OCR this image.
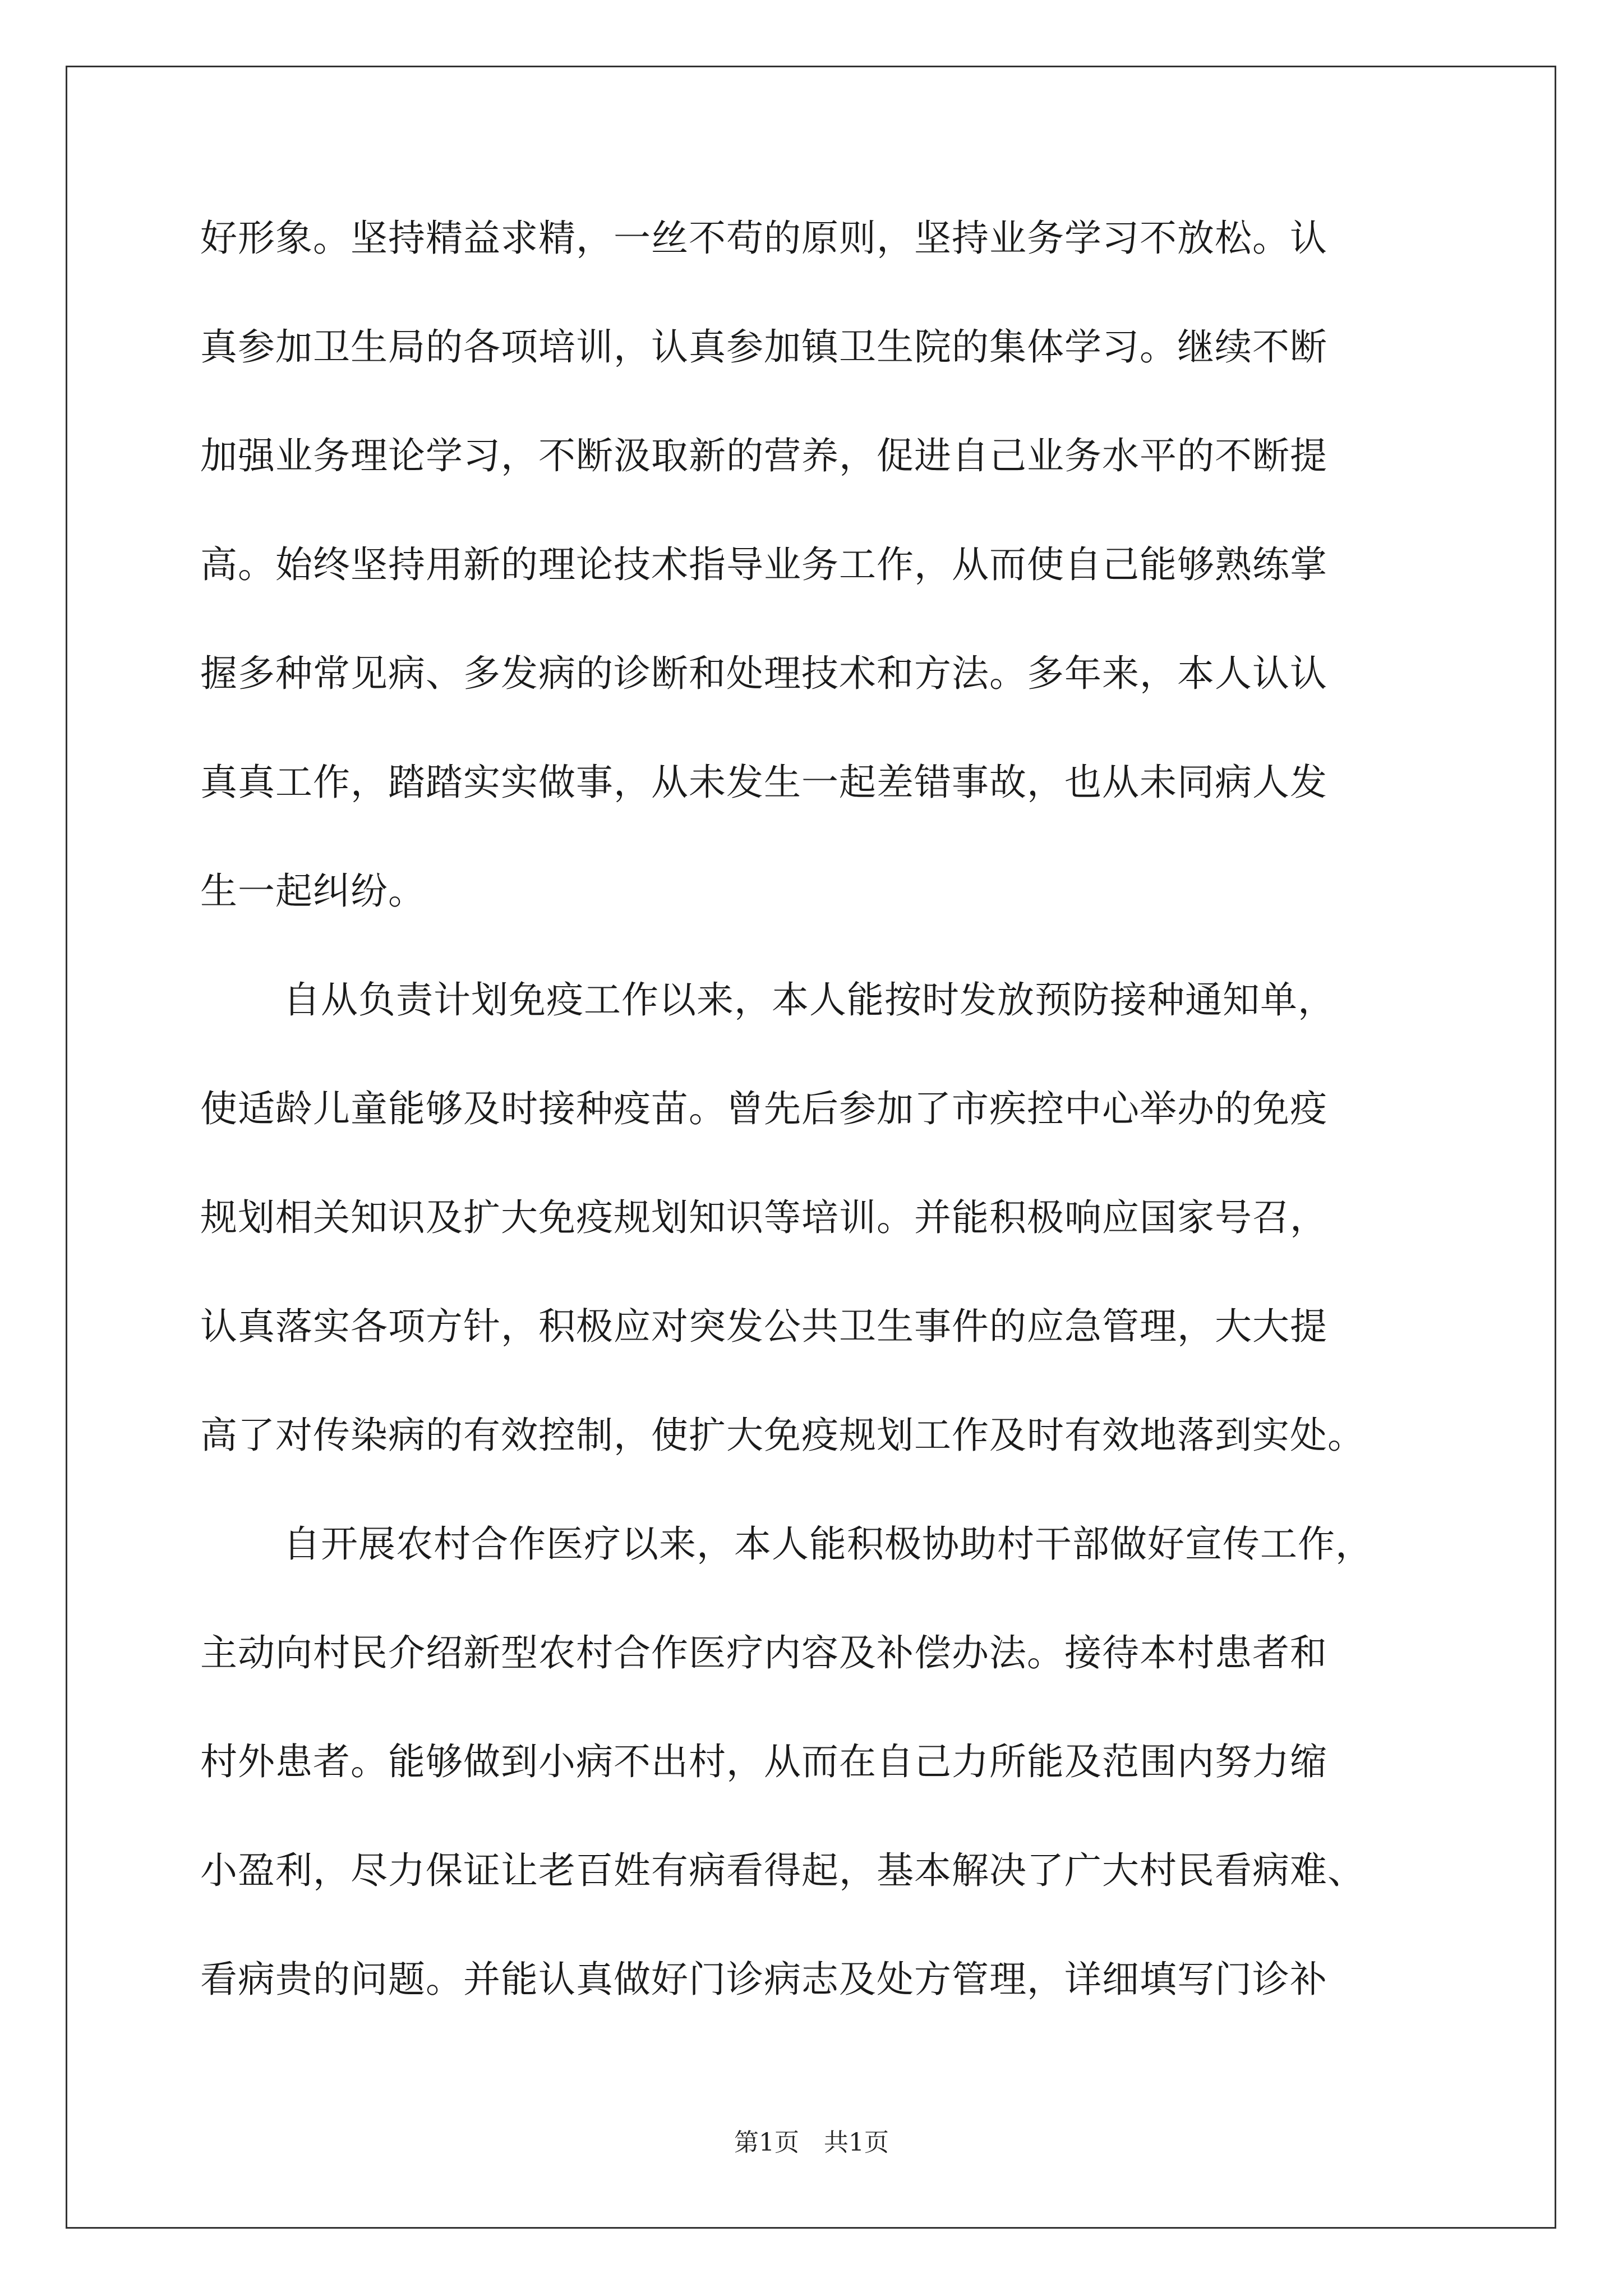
好形象。坚持精益求精，一丝不苟的原则，坚持业务学习不放松。认
真参加卫生局的各项培训，认真参加镇卫生院的集体学习。继续不断
加强业务理论学习，不断汲取新的营养，促进自己业务水平的不断提
高。始终坚持用新的理论技术指导业务工作，从而使自己能够熟练掌
握多种常见病、多发病的诊断和处理技术和方法。多年来，本人认认
真真工作，踏踏实实做事，从未发生一起差错事故，也从未同病人发
生一起纠纷。
自从负责计划免疫工作以来，本人能按时发放预防接种通知单，
使适龄儿童能够及时接种疫苗。曾先后参加了市疾控中心举办的免疫
规划相关知识及扩大免疫规划知识等培训。并能积极响应国家号召，
认真落实各项方针，积极应对突发公共卫生事件的应急管理，大大提
高了对传染病的有效控制，使扩大免疫规划工作及时有效地落到实处。
自开展农村合作医疗以来，本人能积极协助村干部做好宣传工作，
主动向村民介绍新型农村合作医疗内容及补偿办法。接待本村患者和
村外患者。能够做到小病不出村，从而在自己力所能及范围内努力缩
小盈利，尽力保证让老百姓有病看得起，基本解决了广大村民看病难、
看病贵的问题。并能认真做好门诊病志及处方管理，详细填写门诊补
第1页　共1页
